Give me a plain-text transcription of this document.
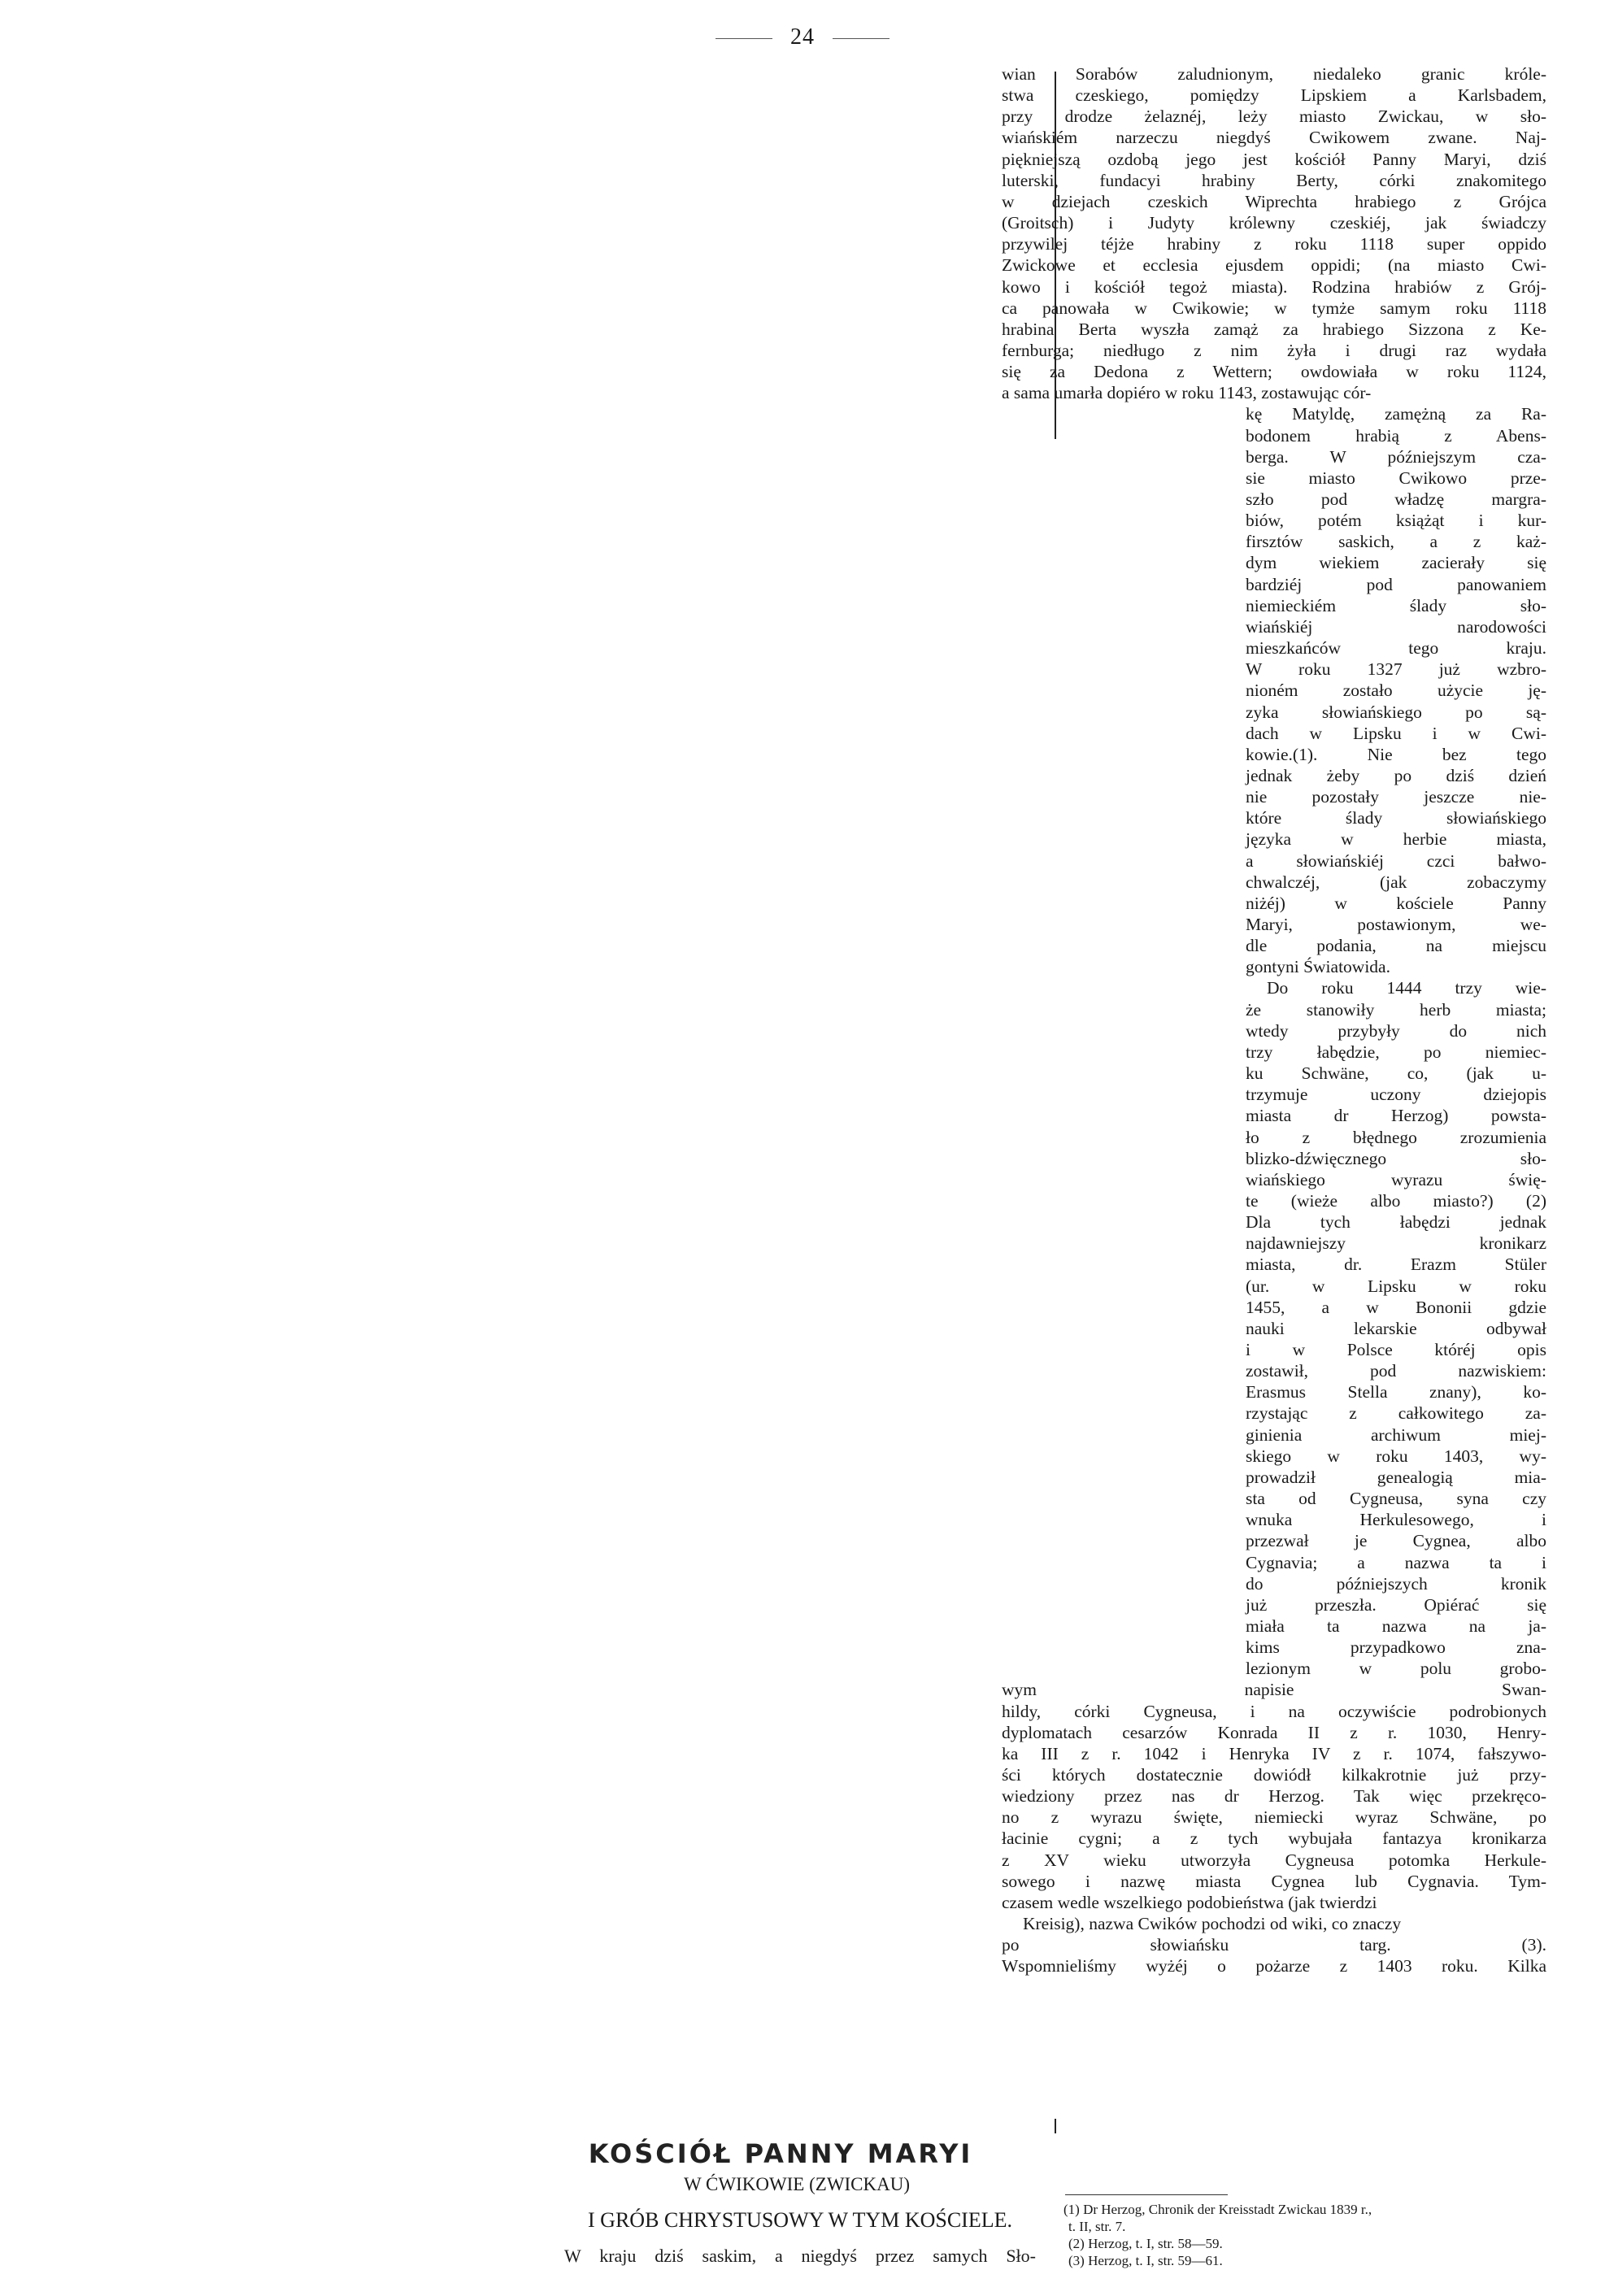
24
wian Sorabów zaludnionym, niedaleko granic króle-
stwa czeskiego, pomiędzy Lipskiem a Karlsbadem,
przy drodze żelaznéj, leży miasto Zwickau, w sło-
wiańskiém narzeczu niegdyś Cwikowem zwane. Naj-
piękniejszą ozdobą jego jest kościół Panny Maryi, dziś
luterski, fundacyi hrabiny Berty, córki znakomitego
w dziejach czeskich Wiprechta hrabiego z Grójca
(Groitsch) i Judyty królewny czeskiéj, jak świadczy
przywilej téjże hrabiny z roku 1118 super oppido
Zwickowe et ecclesia ejusdem oppidi; (na miasto Cwi-
kowo i kościół tegoż miasta). Rodzina hrabiów z Grój-
ca panowała w Cwikowie; w tymże samym roku 1118
hrabina Berta wyszła zamąż za hrabiego Sizzona z Ke-
fernburga; niedługo z nim żyła i drugi raz wydała
się za Dedona z Wettern; owdowiała w roku 1124,
a sama umarła dopiéro w roku 1143, zostawując cór-
kę Matyldę, zamężną za Ra-
bodonem hrabią z Abens-
berga. W późniejszym cza-
sie miasto Cwikowo prze-
szło pod władzę margra-
biów, potém książąt i kur-
firsztów saskich, a z każ-
dym wiekiem zacierały się
bardziéj pod panowaniem
niemieckiém ślady sło-
wiańskiéj narodowości
mieszkańców tego kraju.
W roku 1327 już wzbro-
nioném zostało użycie ję-
zyka słowiańskiego po są-
dach w Lipsku i w Cwi-
kowie.(1). Nie bez tego
jednak żeby po dziś dzień
nie pozostały jeszcze nie-
które ślady słowiańskiego
języka w herbie miasta,
a słowiańskiéj czci bałwo-
chwalczéj, (jak zobaczymy
niżéj) w kościele Panny
Maryi, postawionym, we-
dle podania, na miejscu
gontyni Światowida.
Do roku 1444 trzy wie-
że stanowiły herb miasta;
wtedy przybyły do nich
trzy łabędzie, po niemiec-
ku Schwäne, co, (jak u-
trzymuje uczony dziejopis
miasta dr Herzog) powsta-
ło z błędnego zrozumienia
blizko-dźwięcznego sło-
wiańskiego wyrazu świę-
te (wieże albo miasto?) (2)
Dla tych łabędzi jednak
najdawniejszy kronikarz
miasta, dr. Erazm Stüler
(ur. w Lipsku w roku
1455, a w Bononii gdzie
nauki lekarskie odbywał
i w Polsce któréj opis
zostawił, pod nazwiskiem:
Erasmus Stella znany), ko-
rzystając z całkowitego za-
ginienia archiwum miej-
skiego w roku 1403, wy-
prowadził genealogią mia-
sta od Cygneusa, syna czy
wnuka Herkulesowego, i
przezwał je Cygnea, albo
Cygnavia; a nazwa ta i
do późniejszych kronik
już przeszła. Opiérać się
miała ta nazwa na ja-
kims przypadkowo zna-
lezionym w polu grobo-
wym napisie Swan-
hildy, córki Cygneusa, i na oczywiście podrobionych
dyplomatach cesarzów Konrada II z r. 1030, Henry-
ka III z r. 1042 i Henryka IV z r. 1074, fałszywo-
ści których dostatecznie dowiódł kilkakrotnie już przy-
wiedziony przez nas dr Herzog. Tak więc przekręco-
no z wyrazu święte, niemiecki wyraz Schwäne, po
łacinie cygni; a z tych wybujała fantazya kronikarza
z XV wieku utworzyła Cygneusa potomka Herkule-
sowego i nazwę miasta Cygnea lub Cygnavia. Tym-
czasem wedle wszelkiego podobieństwa (jak twierdzi
Kreisig), nazwa Cwików pochodzi od wiki, co znaczy
po słowiańsku targ. (3).
Wspomnieliśmy wyżéj o pożarze z 1403 roku. Kilka
KOŚCIÓŁ PANNY MARYI
W ĆWIKOWIE (ZWICKAU)
I GRÓB CHRYSTUSOWY W TYM KOŚCIELE.
W kraju dziś saskim, a niegdyś przez samych Sło-
(1) Dr Herzog, Chronik der Kreisstadt Zwickau 1839 r.,
t. II, str. 7.
(2) Herzog, t. I, str. 58—59.
(3) Herzog, t. I, str. 59—61.
